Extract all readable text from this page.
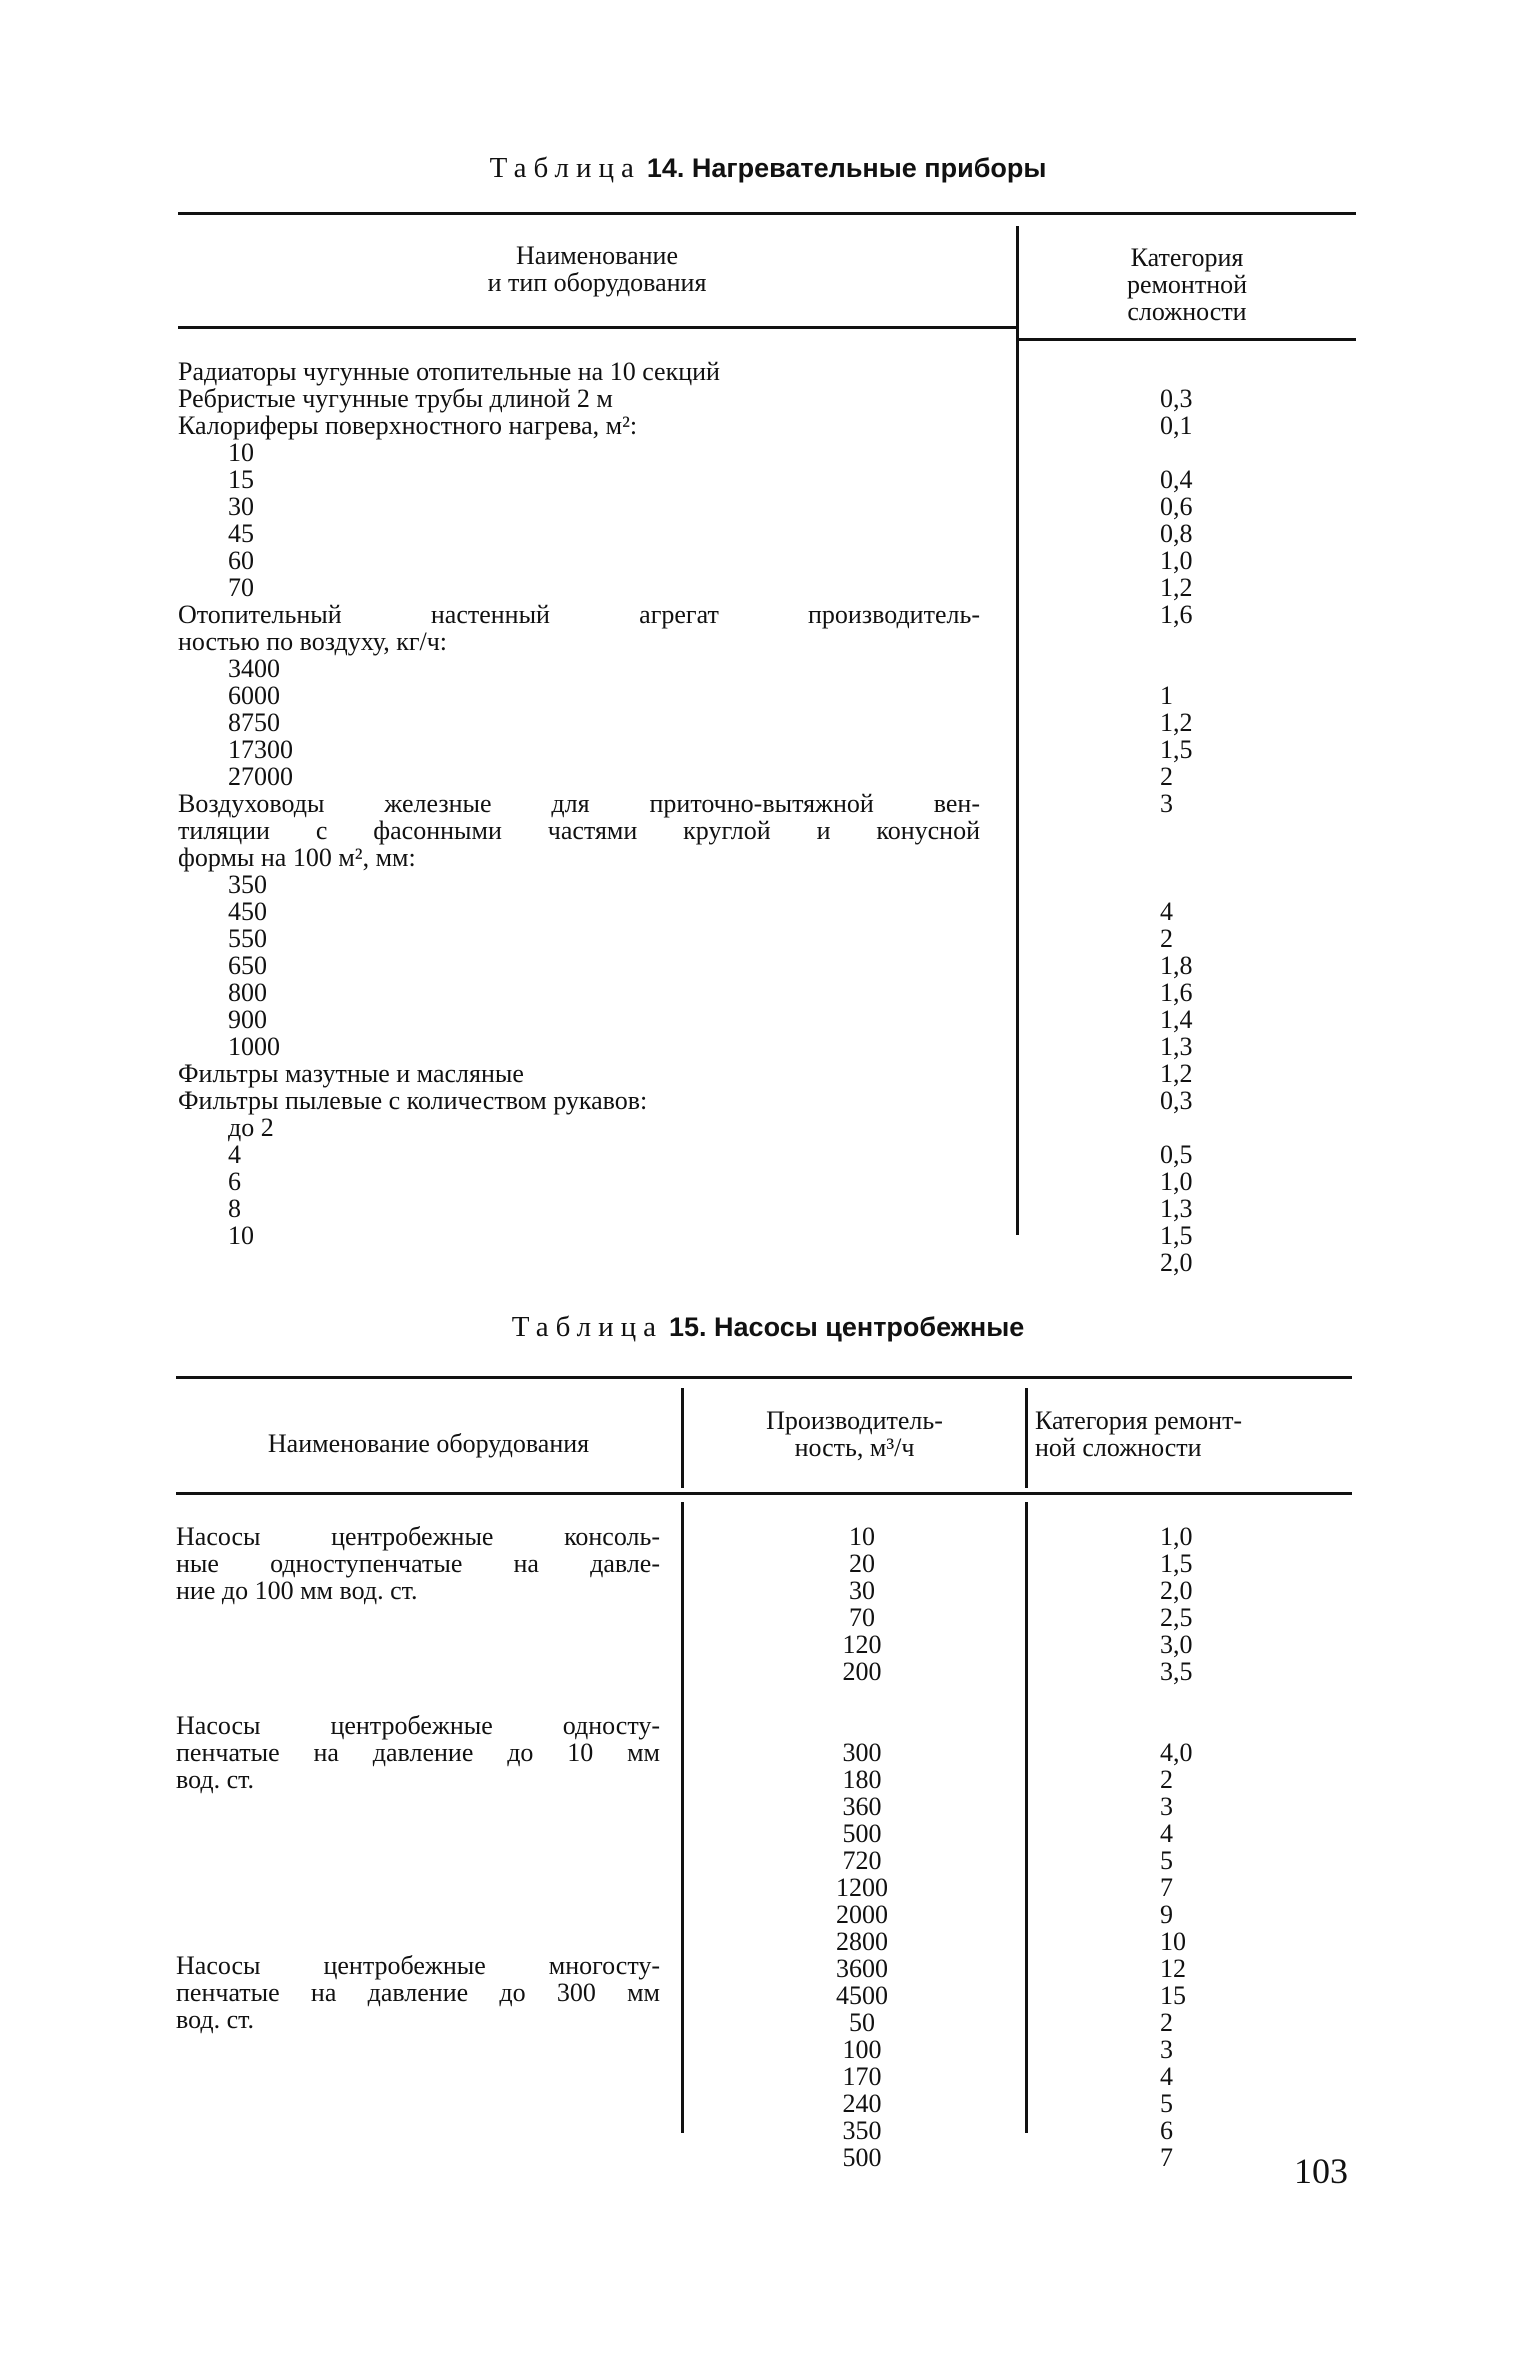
Таблица 14. Нагревательные приборы
Наименование
и тип оборудования
Категория
ремонтной
сложности
Радиаторы чугунные отопительные на 10 секций
Ребристые чугунные трубы длиной 2 м
Калориферы поверхностного нагрева, м²:
10
15
30
45
60
70
Отопительный настенный агрегат производитель-
ностью по воздуху, кг/ч:
3400
6000
8750
17300
27000
Воздуховоды железные для приточно-вытяжной вен-
тиляции с фасонными частями круглой и конусной
формы на 100 м², мм:
350
450
550
650
800
900
1000
Фильтры мазутные и масляные
Фильтры пылевые с количеством рукавов:
до 2
4
6
8
10
0,3
0,1
0,4
0,6
0,8
1,0
1,2
1,6
1
1,2
1,5
2
3
4
2
1,8
1,6
1,4
1,3
1,2
0,3
0,5
1,0
1,3
1,5
2,0
Таблица 15. Насосы центробежные
Наименование оборудования
Производитель-
ность, м³/ч
Категория ремонт-
ной сложности
Насосы центробежные консоль-
ные одноступенчатые на давле-
ние до 100 мм вод. ст.
Насосы центробежные односту-
пенчатые на давление до 10 мм
вод. ст.
Насосы центробежные многосту-
пенчатые на давление до 300 мм
вод. ст.
10
20
30
70
120
200
300
180
360
500
720
1200
2000
2800
3600
4500
50
100
170
240
350
500
1,0
1,5
2,0
2,5
3,0
3,5
4,0
2
3
4
5
7
9
10
12
15
2
3
4
5
6
7	103
